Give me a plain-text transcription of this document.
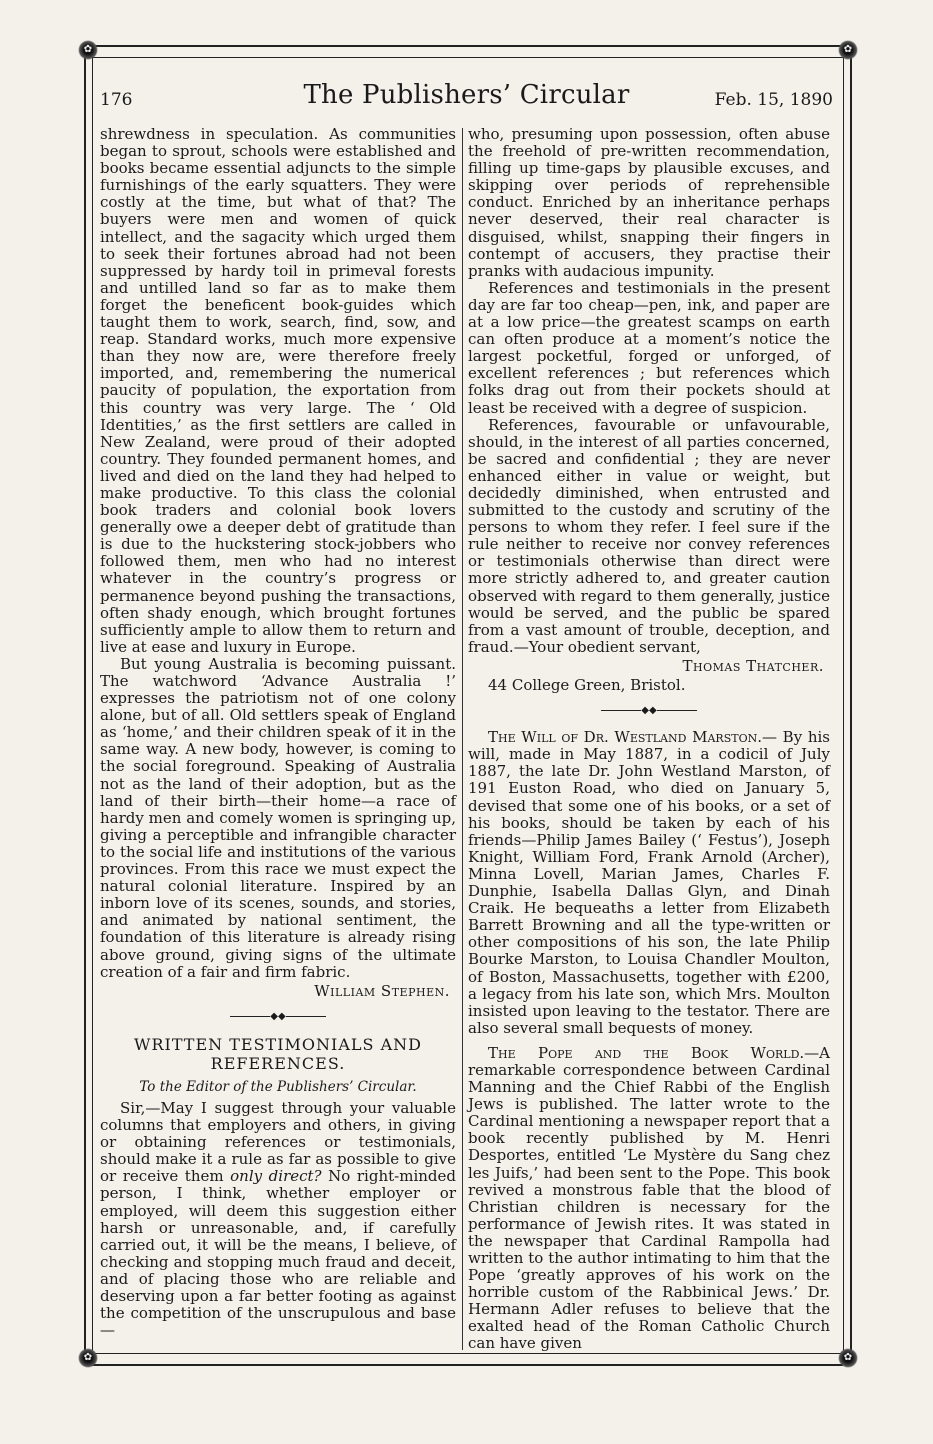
✿	✿
✿	✿
176	The Publishers’ Circular	Feb. 15, 1890

shrewdness in speculation. As communities began to sprout, schools were established and books became essential adjuncts to the simple furnishings of the early squatters. They were costly at the time, but what of that? The buyers were men and women of quick intellect, and the sagacity which urged them to seek their fortunes abroad had not been suppressed by hardy toil in primeval forests and untilled land so far as to make them forget the beneficent book-guides which taught them to work, search, find, sow, and reap. Standard works, much more expensive than they now are, were therefore freely imported, and, remembering the numerical paucity of population, the exportation from this country was very large. The ‘ Old Identities,’ as the first settlers are called in New Zealand, were proud of their adopted country. They founded permanent homes, and lived and died on the land they had helped to make productive. To this class the colonial book traders and colonial book lovers generally owe a deeper debt of gratitude than is due to the huckstering stock-jobbers who followed them, men who had no interest whatever in the country’s progress or permanence beyond pushing the transactions, often shady enough, which brought fortunes sufficiently ample to allow them to return and live at ease and luxury in Europe.

But young Australia is becoming puissant. The watchword ‘Advance Australia !’ expresses the patriotism not of one colony alone, but of all. Old settlers speak of England as ‘home,’ and their children speak of it in the same way. A new body, however, is coming to the social foreground. Speaking of Australia not as the land of their adoption, but as the land of their birth—their home—a race of hardy men and comely women is springing up, giving a perceptible and infrangible character to the social life and institutions of the various provinces. From this race we must expect the natural colonial literature. Inspired by an inborn love of its scenes, sounds, and stories, and animated by national sentiment, the foundation of this literature is already rising above ground, giving signs of the ultimate creation of a fair and firm fabric.

William Stephen.
◆◆
WRITTEN TESTIMONIALS AND REFERENCES.
To the Editor of the Publishers’ Circular.

Sir,—May I suggest through your valuable columns that employers and others, in giving or obtaining references or testimonials, should make it a rule as far as possible to give or receive them only direct? No right-minded person, I think, whether employer or employed, will deem this suggestion either harsh or unreasonable, and, if carefully carried out, it will be the means, I believe, of checking and stopping much fraud and deceit, and of placing those who are reliable and deserving upon a far better footing as against the competition of the unscrupulous and base—

who, presuming upon possession, often abuse the freehold of pre-written recommendation, filling up time-gaps by plausible excuses, and skipping over periods of reprehensible conduct. Enriched by an inheritance perhaps never deserved, their real character is disguised, whilst, snapping their fingers in contempt of accusers, they practise their pranks with audacious impunity.

References and testimonials in the present day are far too cheap—pen, ink, and paper are at a low price—the greatest scamps on earth can often produce at a moment’s notice the largest pocketful, forged or unforged, of excellent references ; but references which folks drag out from their pockets should at least be received with a degree of suspicion.

References, favourable or unfavourable, should, in the interest of all parties concerned, be sacred and confidential ; they are never enhanced either in value or weight, but decidedly diminished, when entrusted and submitted to the custody and scrutiny of the persons to whom they refer. I feel sure if the rule neither to receive nor convey references or testimonials otherwise than direct were more strictly adhered to, and greater caution observed with regard to them generally, justice would be served, and the public be spared from a vast amount of trouble, deception, and fraud.—Your obedient servant,

Thomas Thatcher.
44 College Green, Bristol.
◆◆

The Will of Dr. Westland Marston.— By his will, made in May 1887, in a codicil of July 1887, the late Dr. John Westland Marston, of 191 Euston Road, who died on January 5, devised that some one of his books, or a set of his books, should be taken by each of his friends—Philip James Bailey (‘ Festus’), Joseph Knight, William Ford, Frank Arnold (Archer), Minna Lovell, Marian James, Charles F. Dunphie, Isabella Dallas Glyn, and Dinah Craik. He bequeaths a letter from Elizabeth Barrett Browning and all the type-written or other compositions of his son, the late Philip Bourke Marston, to Louisa Chandler Moulton, of Boston, Massachusetts, together with £200, a legacy from his late son, which Mrs. Moulton insisted upon leaving to the testator. There are also several small bequests of money.

The Pope and the Book World.—A remarkable correspondence between Cardinal Manning and the Chief Rabbi of the English Jews is published. The latter wrote to the Cardinal mentioning a newspaper report that a book recently published by M. Henri Desportes, entitled ‘Le Mystère du Sang chez les Juifs,’ had been sent to the Pope. This book revived a monstrous fable that the blood of Christian children is necessary for the performance of Jewish rites. It was stated in the newspaper that Cardinal Rampolla had written to the author intimating to him that the Pope ‘greatly approves of his work on the horrible custom of the Rabbinical Jews.’ Dr. Hermann Adler refuses to believe that the exalted head of the Roman Catholic Church can have given
